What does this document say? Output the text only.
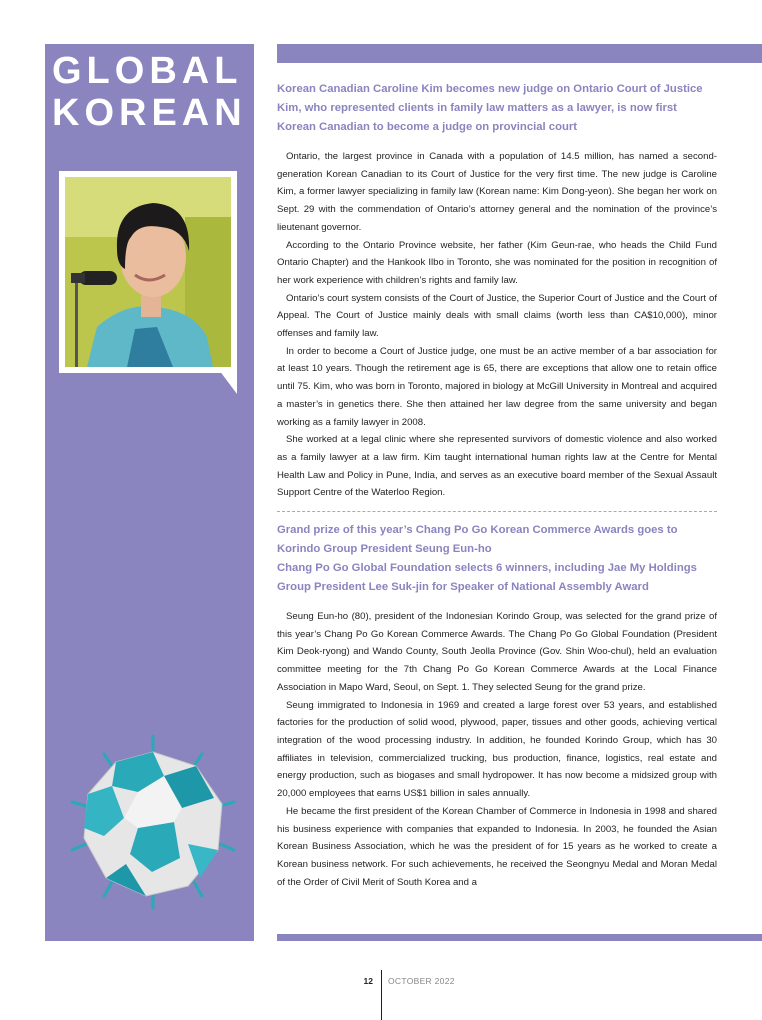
GLOBAL
KOREAN
Korean Canadian Caroline Kim becomes new judge on Ontario Court of Justice Kim, who represented clients in family law matters as a lawyer, is now first Korean Canadian to become a judge on provincial court

Ontario, the largest province in Canada with a population of 14.5 million, has named a second-generation Korean Canadian to its Court of Justice for the very first time. The new judge is Caroline Kim, a former lawyer specializing in family law (Korean name: Kim Dong-yeon). She began her work on Sept. 29 with the commendation of Ontario’s attorney general and the nomination of the province’s lieutenant governor.

According to the Ontario Province website, her father (Kim Geun-rae, who heads the Child Fund Ontario Chapter) and the Hankook Ilbo in Toronto, she was nominated for the position in recognition of her work experience with children’s rights and family law.

Ontario’s court system consists of the Court of Justice, the Superior Court of Justice and the Court of Appeal. The Court of Justice mainly deals with small claims (worth less than CA$10,000), minor offenses and family law.

In order to become a Court of Justice judge, one must be an active member of a bar association for at least 10 years. Though the retirement age is 65, there are exceptions that allow one to retain office until 75. Kim, who was born in Toronto, majored in biology at McGill University in Montreal and acquired a master’s in genetics there. She then attained her law degree from the same university and began working as a family lawyer in 2008.

She worked at a legal clinic where she represented survivors of domestic violence and also worked as a family lawyer at a law firm. Kim taught international human rights law at the Centre for Mental Health Law and Policy in Pune, India, and serves as an executive board member of the Sexual Assault Support Centre of the Waterloo Region.

Grand prize of this year’s Chang Po Go Korean Commerce Awards goes to Korindo Group President Seung Eun-ho
Chang Po Go Global Foundation selects 6 winners, including Jae My Holdings Group President Lee Suk-jin for Speaker of National Assembly Award

Seung Eun-ho (80), president of the Indonesian Korindo Group, was selected for the grand prize of this year’s Chang Po Go Korean Commerce Awards. The Chang Po Go Global Foundation (President Kim Deok-ryong) and Wando County, South Jeolla Province (Gov. Shin Woo-chul), held an evaluation committee meeting for the 7th Chang Po Go Korean Commerce Awards at the Local Finance Association in Mapo Ward, Seoul, on Sept. 1. They selected Seung for the grand prize.

Seung immigrated to Indonesia in 1969 and created a large forest over 53 years, and established factories for the production of solid wood, plywood, paper, tissues and other goods, achieving vertical integration of the wood processing industry. In addition, he founded Korindo Group, which has 30 affiliates in television, commercialized trucking, bus production, finance, logistics, real estate and energy production, such as biogases and small hydropower. It has now become a midsized group with 20,000 employees that earns US$1 billion in sales annually.

He became the first president of the Korean Chamber of Commerce in Indonesia in 1998 and shared his business experience with companies that expanded to Indonesia. In 2003, he founded the Asian Korean Business Association, which he was the president of for 15 years as he worked to create a Korean business network. For such achievements, he received the Seongnyu Medal and Moran Medal of the Order of Civil Merit of South Korea and a

12 OCTOBER 2022
